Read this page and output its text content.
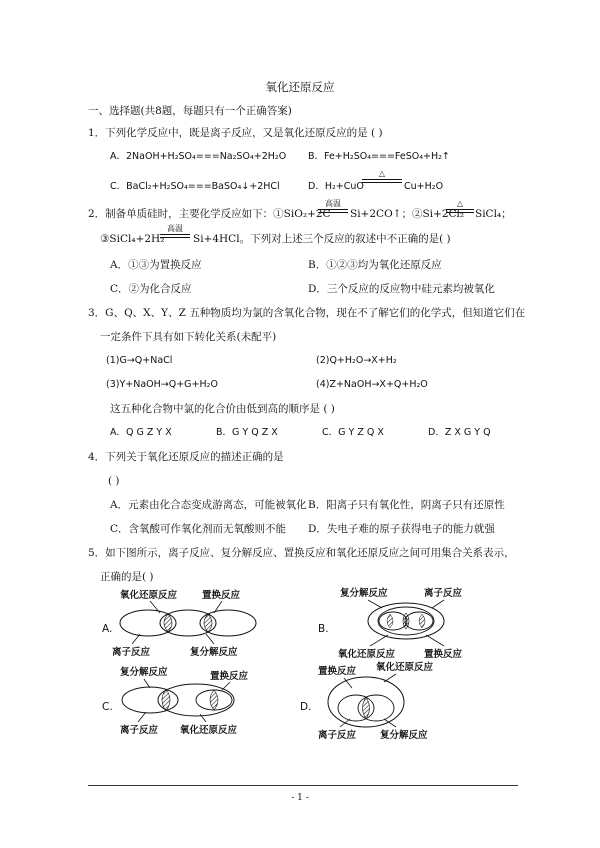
氧化还原反应
一、选择题(共8题，每题只有一个正确答案)
1．下列化学反应中，既是离子反应，又是氧化还原反应的是 ( )
A．2NaOH+H₂SO₄===Na₂SO₄+2H₂O B．Fe+H₂SO₄===FeSO₄+H₂↑
C．BaCl₂+H₂SO₄===BaSO₄↓+2HCl	D．H₂+CuO
△
Cu+H₂O
2．制备单质硅时，主要化学反应如下：①SiO₂+2C
高温
Si+2CO↑；②Si+2Cl₂
△
SiCl₄；
③SiCl₄+2H₂
高温
Si+4HCl。下列对上述三个反应的叙述中不正确的是( )
A．①③为置换反应	B．①②③均为氧化还原反应
C．②为化合反应	D．三个反应的反应物中硅元素均被氧化
3．G、Q、X、Y、Z 五种物质均为氯的含氧化合物，现在不了解它们的化学式，但知道它们在
一定条件下具有如下转化关系(未配平)
(1)G→Q+NaCl	(2)Q+H₂O→X+H₂
(3)Y+NaOH→Q+G+H₂O	(4)Z+NaOH→X+Q+H₂O
这五种化合物中氯的化合价由低到高的顺序是 ( )
A．Q G Z Y X	B．G Y Q Z X	C．G Y Z Q X	D．Z X G Y Q
4．下列关于氧化还原反应的描述正确的是
( )
A．元素由化合态变成游离态，可能被氧化 B．阳离子只有氧化性，阴离子只有还原性
C．含氧酸可作氧化剂而无氧酸则不能 D．失电子难的原子获得电子的能力就强
5．如下图所示，离子反应、复分解反应、置换反应和氧化还原反应之间可用集合关系表示，
正确的是( )
A.	B.
C.	D.
氧化还原反应	置换反应
离子反应	复分解反应
复分解反应	离子反应
氧化还原反应	置换反应
复分解反应	置换反应
离子反应 氧化还原反应
置换反应 氧化还原反应
离子反应	复分解反应
- 1 -
